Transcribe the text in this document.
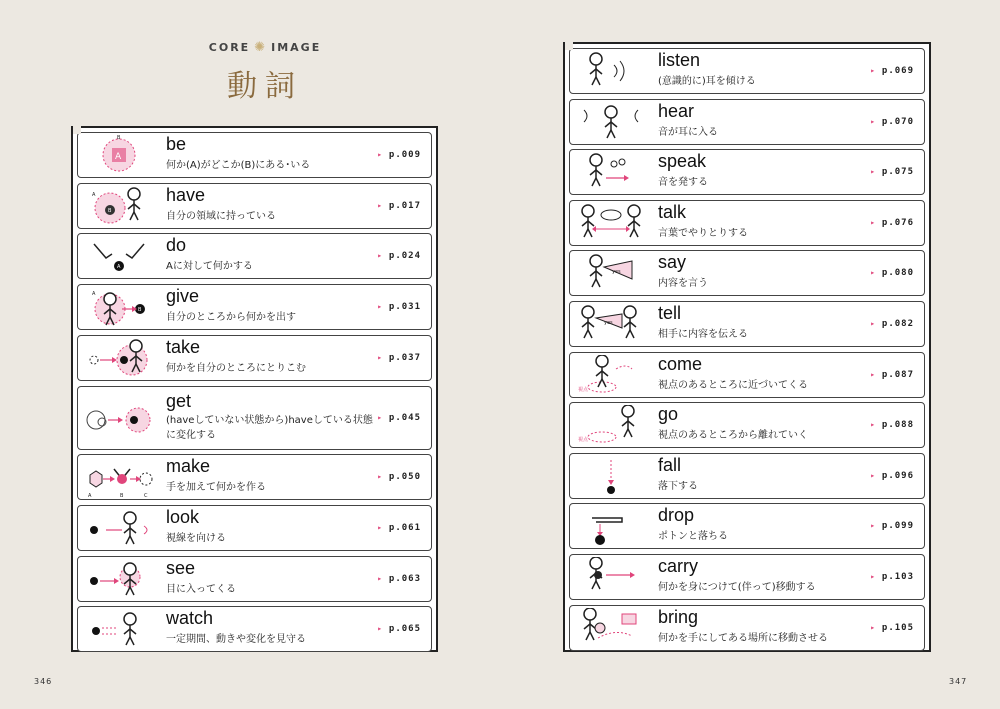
CORE ✺ IMAGE
動詞
A
B	be
何か(A)がどこか(B)にある･いる
▸ p.009
B
A	have
自分の領域に持っている
▸ p.017
A
do
Aに対して何かする
▸ p.024
B
A	give
自分のところから何かを出す
▸ p.031
take
何かを自分のところにとりこむ
▸ p.037
get
(haveしていない状態から)haveしている状態
に変化する
▸ p.045
A	B	C
make
手を加えて何かを作る
▸ p.050
look
視線を向ける
▸ p.061
see
目に入ってくる
▸ p.063
watch
一定期間、動きや変化を見守る
▸ p.065
listen
(意識的に)耳を傾ける
▸ p.069
hear
音が耳に入る
▸ p.070
speak
音を発する
▸ p.075
talk
言葉でやりとりする
▸ p.076
yes say
内容を言う
▸ p.080
yes	tell
相手に内容を伝える
▸ p.082
視点
come
視点のあるところに近づいてくる
▸ p.087
視点
go
視点のあるところから離れていく
▸ p.088
fall
落下する
▸ p.096
drop
ポトンと落ちる
▸ p.099
carry
何かを身につけて(伴って)移動する
▸ p.103
bring
何かを手にしてある場所に移動させる
▸ p.105
346	347
